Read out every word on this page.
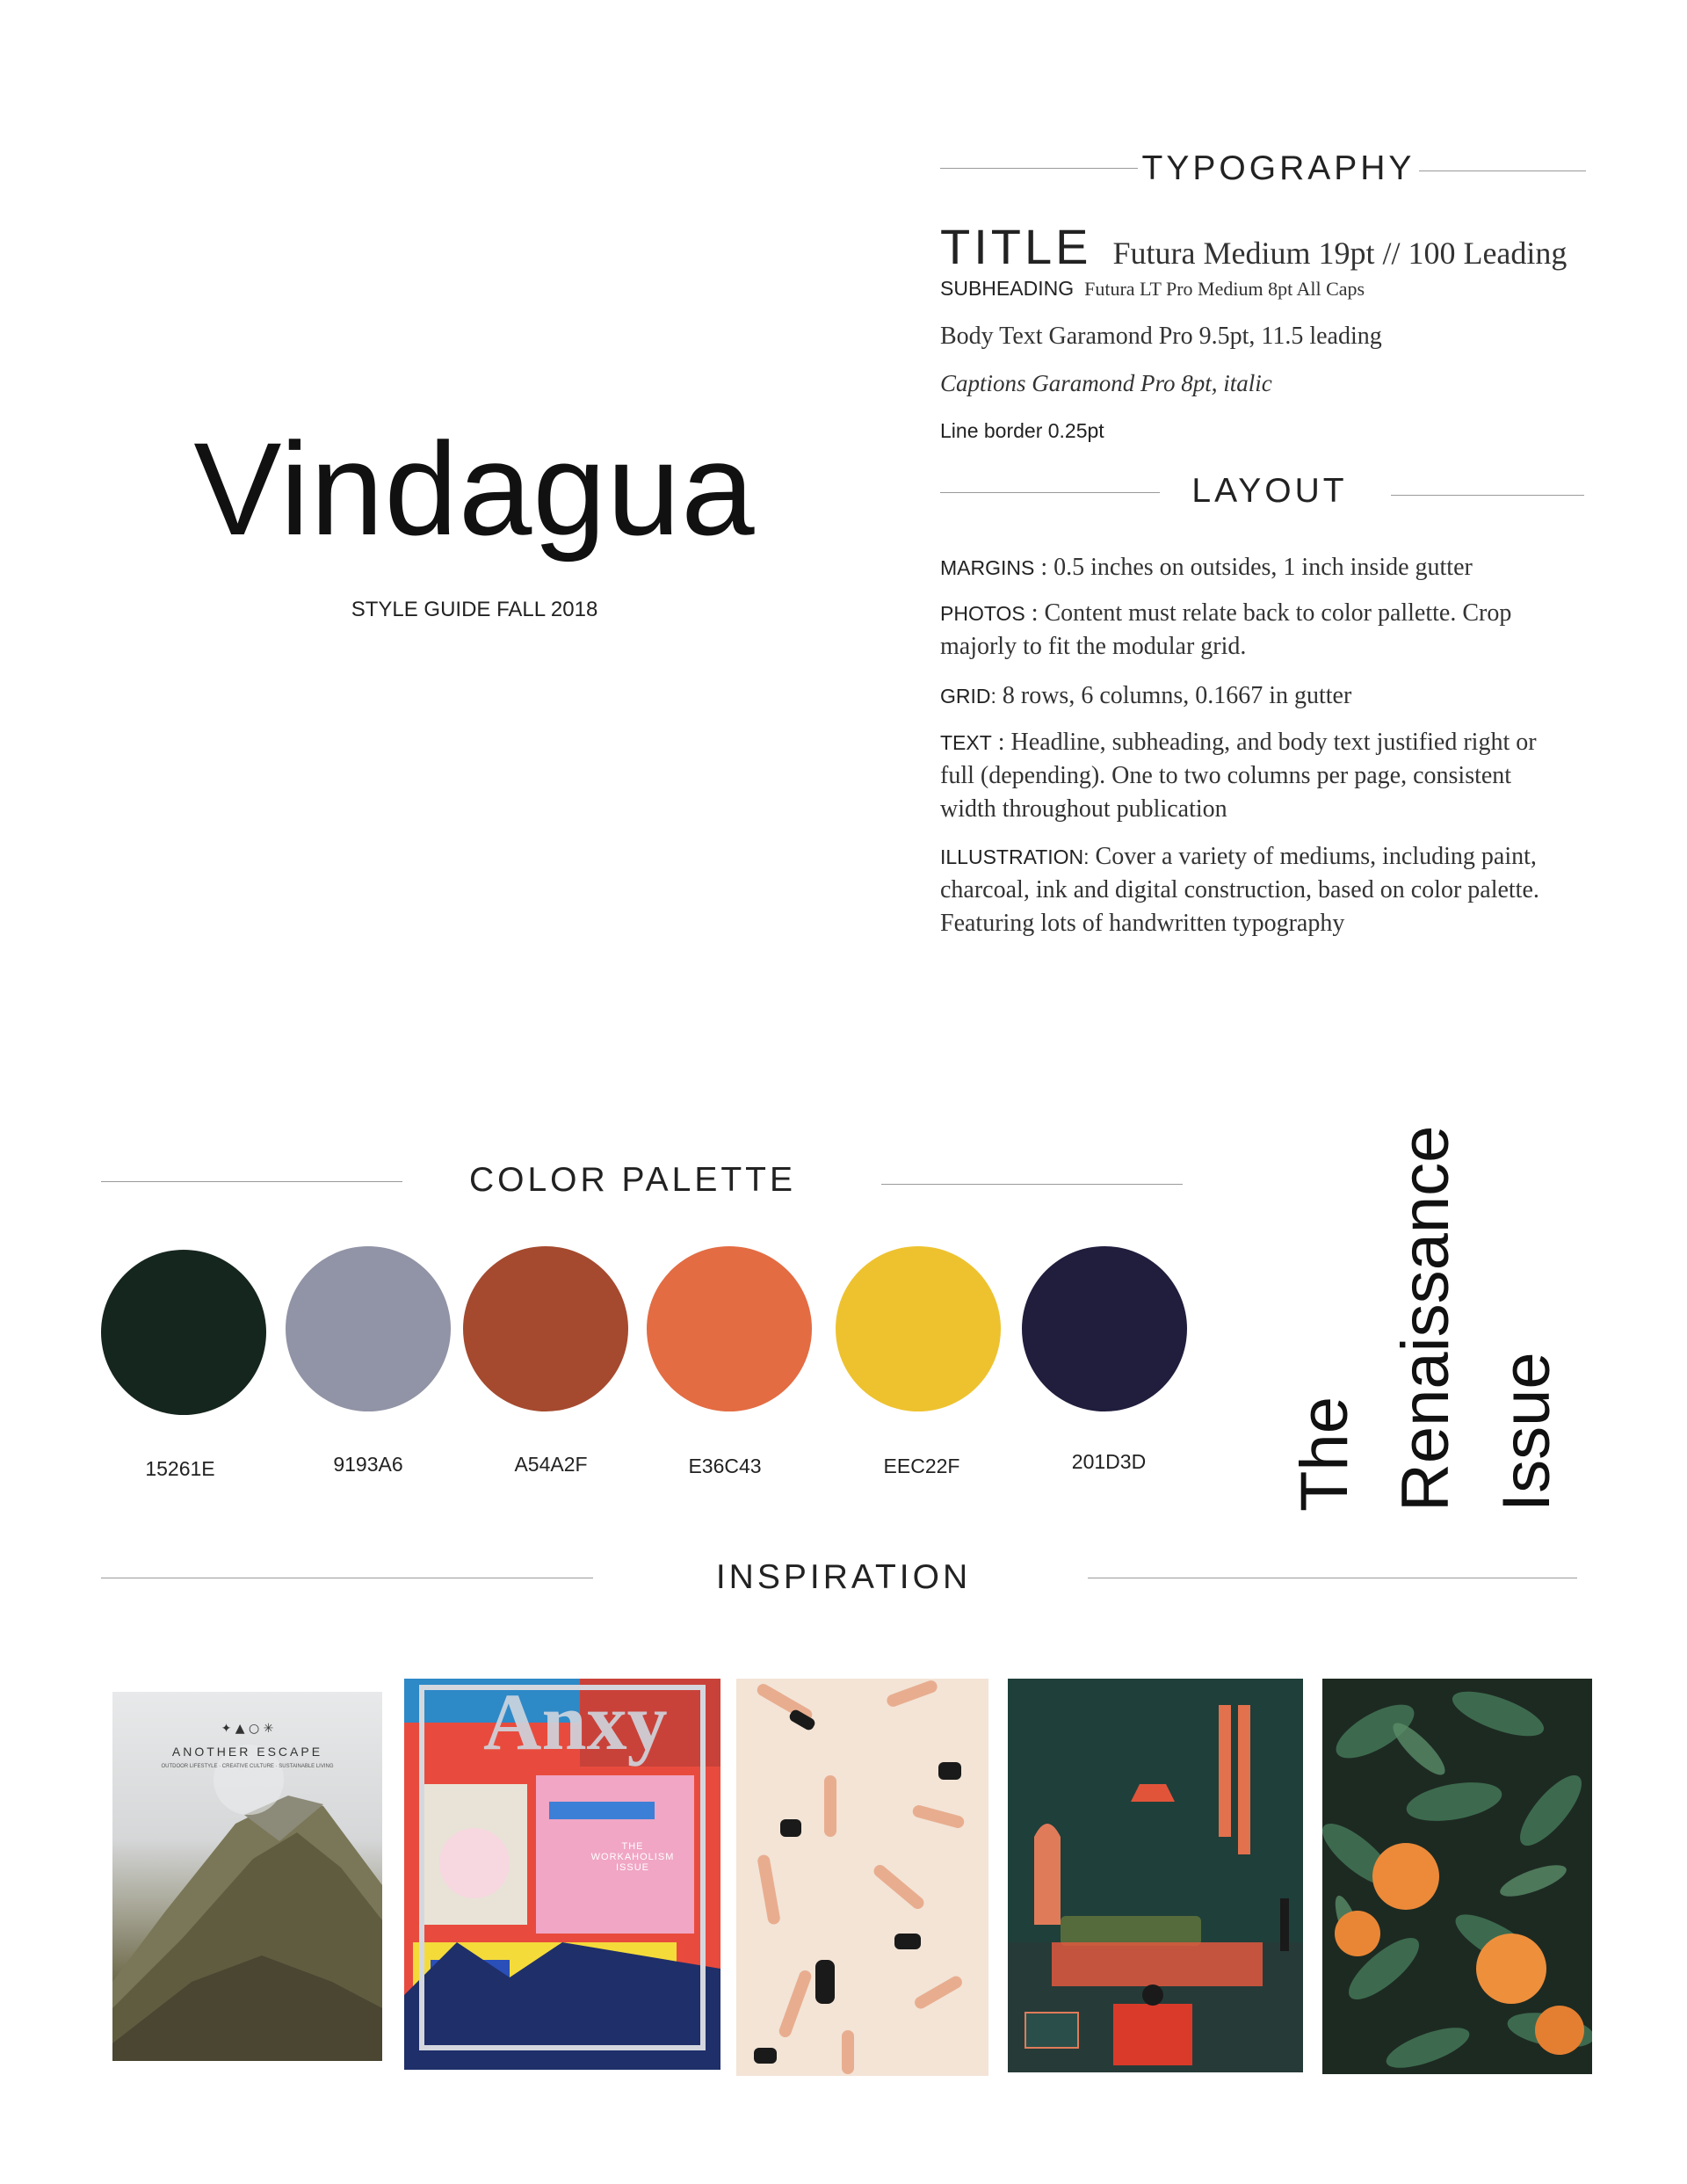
Vindagua
STYLE GUIDE FALL 2018
TYPOGRAPHY
TITLE Futura Medium 19pt // 100 Leading
SUBHEADING Futura LT Pro Medium 8pt All Caps
Body Text Garamond Pro 9.5pt, 11.5 leading
Captions Garamond Pro 8pt, italic
Line border 0.25pt
LAYOUT
MARGINS : 0.5 inches on outsides, 1 inch inside gutter
PHOTOS : Content must relate back to color pallette. Crop majorly to fit the modular grid.
GRID: 8 rows, 6 columns, 0.1667 in gutter
TEXT : Headline, subheading, and body text justified right or full (depending). One to two columns per page, consistent width throughout publication
ILLUSTRATION: Cover a variety of mediums, including paint, charcoal, ink and digital construction, based on color palette. Featuring lots of handwritten typography
COLOR PALETTE
15261E	9193A6	A54A2F	E36C43	EEC22F	201D3D	The Renaissance Issue
INSPIRATION
✦ ▲ ○ ✳
ANOTHER ESCAPE
OUTDOOR LIFESTYLE · CREATIVE CULTURE · SUSTAINABLE LIVING	Anxy
THE WORKAHOLISM ISSUE
